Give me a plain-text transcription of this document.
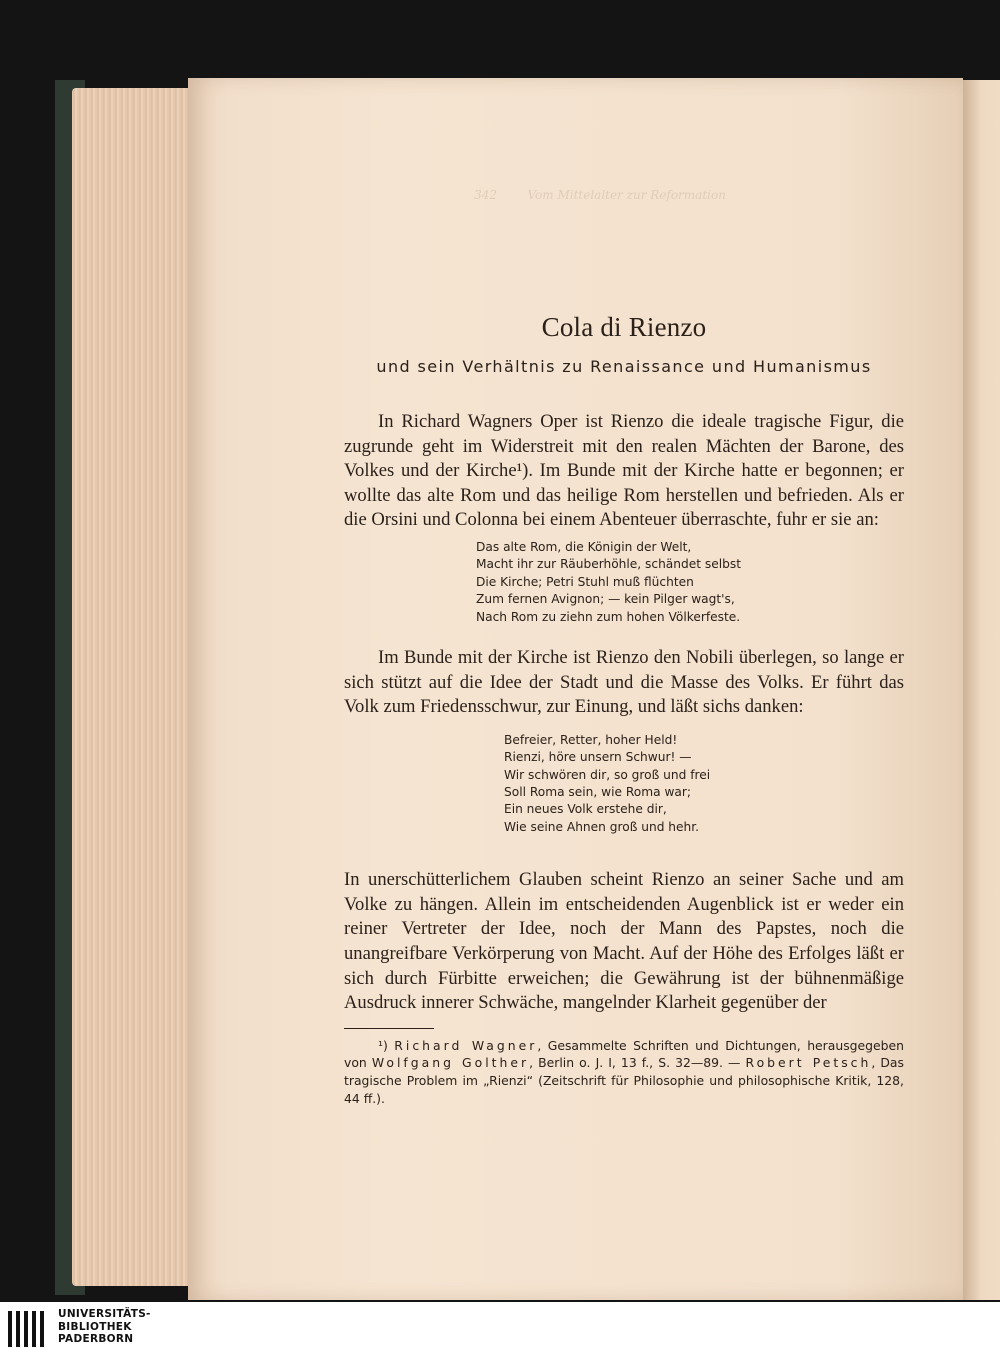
Cola di Rienzo
und sein Verhältnis zu Renaissance und Humanismus

In Richard Wagners Oper ist Rienzo die ideale tragische Figur, die zugrunde geht im Widerstreit mit den realen Mächten der Barone, des Volkes und der Kirche¹). Im Bunde mit der Kirche hatte er begonnen; er wollte das alte Rom und das heilige Rom herstellen und befrieden. Als er die Orsini und Colonna bei einem Abenteuer überraschte, fuhr er sie an:

Das alte Rom, die Königin der Welt,
Macht ihr zur Räuberhöhle, schändet selbst
Die Kirche; Petri Stuhl muß flüchten
Zum fernen Avignon; — kein Pilger wagt's,
Nach Rom zu ziehn zum hohen Völkerfeste.

Im Bunde mit der Kirche ist Rienzo den Nobili überlegen, so lange er sich stützt auf die Idee der Stadt und die Masse des Volks. Er führt das Volk zum Friedensschwur, zur Einung, und läßt sichs danken:

Befreier, Retter, hoher Held!
Rienzi, höre unsern Schwur! —
Wir schwören dir, so groß und frei
Soll Roma sein, wie Roma war;
Ein neues Volk erstehe dir,
Wie seine Ahnen groß und hehr.

In unerschütterlichem Glauben scheint Rienzo an seiner Sache und am Volke zu hängen. Allein im entscheidenden Augenblick ist er weder ein reiner Vertreter der Idee, noch der Mann des Papstes, noch die unangreifbare Verkörperung von Macht. Auf der Höhe des Erfolges läßt er sich durch Fürbitte erweichen; die Gewährung ist der bühnenmäßige Ausdruck innerer Schwäche, mangelnder Klarheit gegenüber der

¹) Richard Wagner, Gesammelte Schriften und Dichtungen, herausgegeben von Wolfgang Golther, Berlin o. J. I, 13 f., S. 32—89. — Robert Petsch, Das tragische Problem im „Rienzi“ (Zeitschrift für Philosophie und philosophische Kritik, 128, 44 ff.).

UNIVERSITÄTS-
BIBLIOTHEK
PADERBORN
